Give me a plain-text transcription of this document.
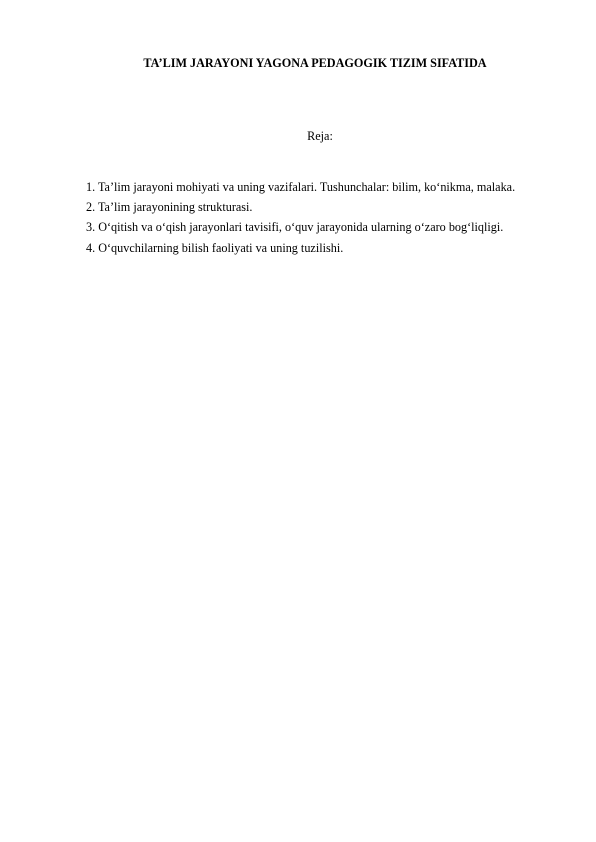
TA’LIM JARAYONI YAGONA PEDAGOGIK TIZIM SIFATIDA
Reja:
1. Ta’lim jarayoni mohiyati va uning vazifalari. Tushunchalar: bilim, ko‘nikma, malaka.
2. Ta’lim jarayonining strukturasi.
3. O‘qitish va o‘qish jarayonlari tavisifi, o‘quv jarayonida ularning o‘zaro bog‘liqligi.
4. O‘quvchilarning bilish faoliyati va uning tuzilishi.
